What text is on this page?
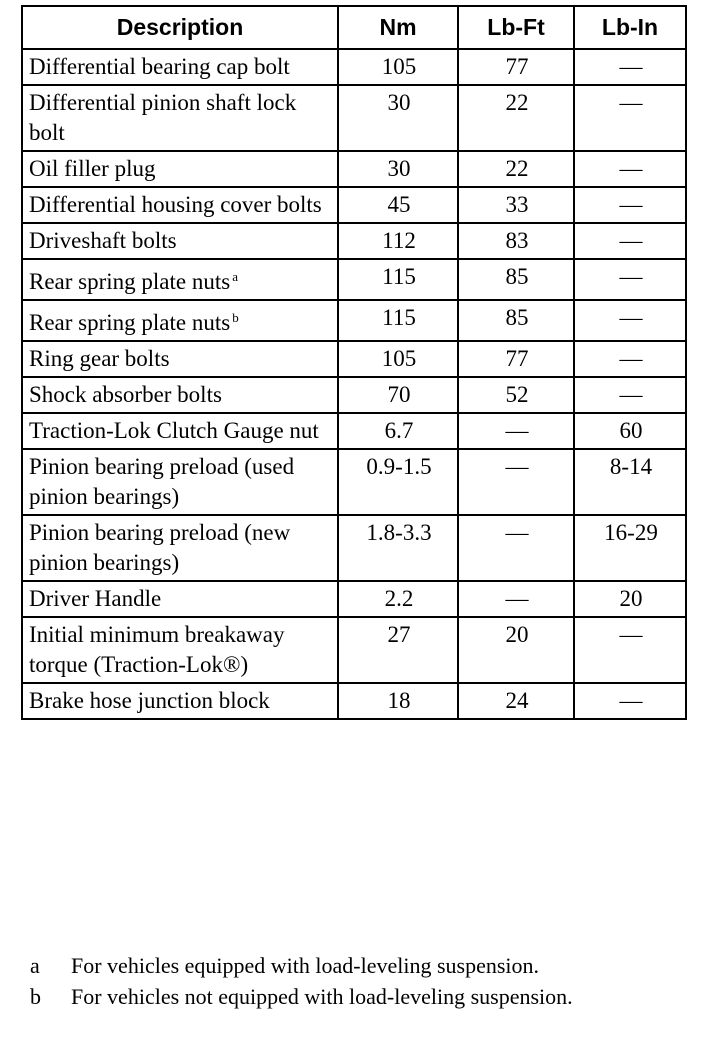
Description	Nm	Lb-Ft	Lb-In
Differential bearing cap bolt	105	77	—
Differential pinion shaft lock bolt	30	22	—
Oil filler plug	30	22	—
Differential housing cover bolts	45	33	—
Driveshaft bolts	112	83	—
Rear spring plate nuts $^a$	115	85	—
Rear spring plate nuts $^b$	115	85	—
Ring gear bolts	105	77	—
Shock absorber bolts	70	52	—
Traction-Lok Clutch Gauge nut	6.7	—	60
Pinion bearing preload (used pinion bearings)	0.9-1.5	—	8-14
Pinion bearing preload (new pinion bearings)	1.8-3.3	—	16-29
Driver Handle	2.2	—	20
Initial minimum breakaway torque (Traction-Lok®)	27	20	—
Brake hose junction block	18	24	—
a	For vehicles equipped with load-leveling suspension.
b	For vehicles not equipped with load-leveling suspension.
